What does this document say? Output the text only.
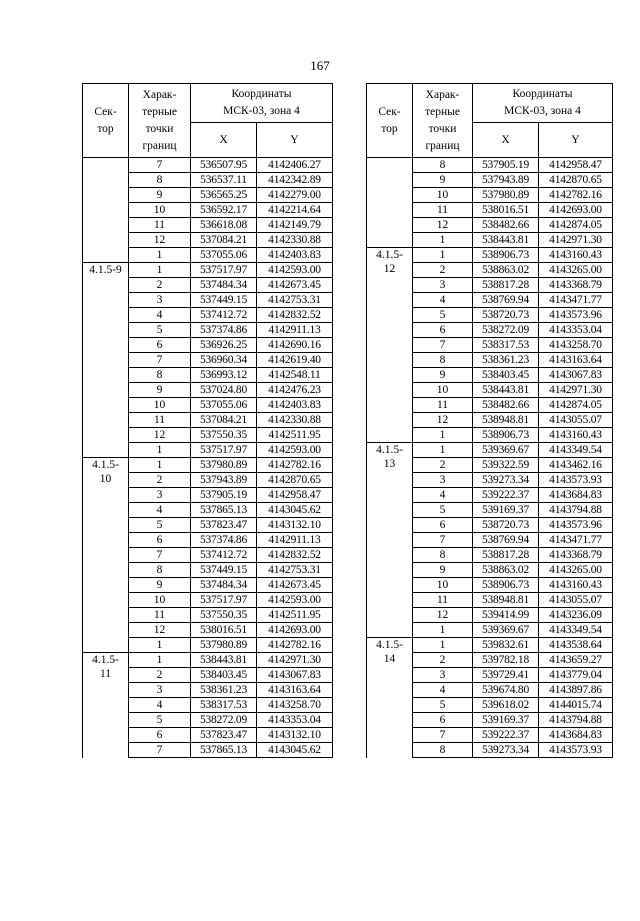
167
Сек-
тор	Харак-
терные
точки
границ	Координаты
МСК-03, зона 4	

		X	Y
	7	536507.95	4142406.27
	8	536537.11	4142342.89
	9	536565.25	4142279.00
	10	536592.17	4142214.64
	11	536618.08	4142149.79
	12	537084.21	4142330.88
	1	537055.06	4142403.83

4.1.5-9	1	537517.97	4142593.00
	2	537484.34	4142673.45
	3	537449.15	4142753.31
	4	537412.72	4142832.52
	5	537374.86	4142911.13
	6	536926.25	4142690.16
	7	536960.34	4142619.40
	8	536993.12	4142548.11
	9	537024.80	4142476.23
	10	537055.06	4142403.83
	11	537084.21	4142330.88
	12	537550.35	4142511.95
	1	537517.97	4142593.00

4.1.5-
10	1	537980.89	4142782.16
	2	537943.89	4142870.65
	3	537905.19	4142958.47
	4	537865.13	4143045.62
	5	537823.47	4143132.10
	6	537374.86	4142911.13
	7	537412.72	4142832.52
	8	537449.15	4142753.31
	9	537484.34	4142673.45
	10	537517.97	4142593.00
	11	537550.35	4142511.95
	12	538016.51	4142693.00
	1	537980.89	4142782.16

4.1.5-
11	1	538443.81	4142971.30
	2	538403.45	4143067.83
	3	538361.23	4143163.64
	4	538317.53	4143258.70
	5	538272.09	4143353.04
	6	537823.47	4143132.10
	7	537865.13	4143045.62
Сек-
тор	Харак-
терные
точки
границ	Координаты
МСК-03, зона 4	

		X	Y
	8	537905.19	4142958.47
	9	537943.89	4142870.65
	10	537980.89	4142782.16
	11	538016.51	4142693.00
	12	538482.66	4142874.05
	1	538443.81	4142971.30

4.1.5-
12	1	538906.73	4143160.43
	2	538863.02	4143265.00
	3	538817.28	4143368.79
	4	538769.94	4143471.77
	5	538720.73	4143573.96
	6	538272.09	4143353.04
	7	538317.53	4143258.70
	8	538361.23	4143163.64
	9	538403.45	4143067.83
	10	538443.81	4142971.30
	11	538482.66	4142874.05
	12	538948.81	4143055.07
	1	538906.73	4143160.43

4.1.5-
13	1	539369.67	4143349.54
	2	539322.59	4143462.16
	3	539273.34	4143573.93
	4	539222.37	4143684.83
	5	539169.37	4143794.88
	6	538720.73	4143573.96
	7	538769.94	4143471.77
	8	538817.28	4143368.79
	9	538863.02	4143265.00
	10	538906.73	4143160.43
	11	538948.81	4143055.07
	12	539414.99	4143236.09
	1	539369.67	4143349.54

4.1.5-
14	1	539832.61	4143538.64
	2	539782.18	4143659.27
	3	539729.41	4143779.04
	4	539674.80	4143897.86
	5	539618.02	4144015.74
	6	539169.37	4143794.88
	7	539222.37	4143684.83
	8	539273.34	4143573.93
